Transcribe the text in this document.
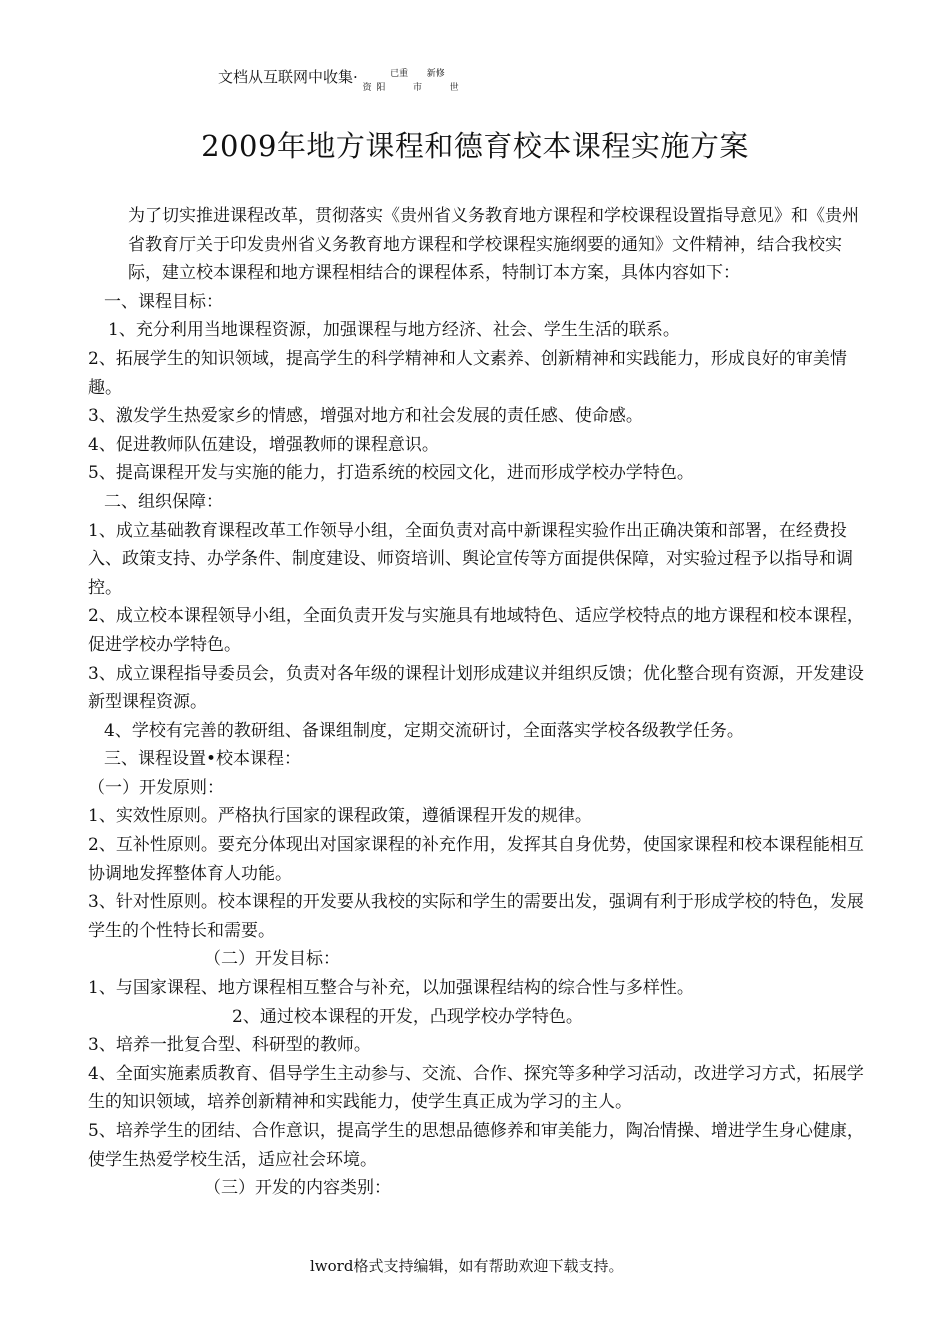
文档从互联网中收集· $_资$ $_阳$ $^{已重}$ $_市$ $^{新修}$ $_世$
2009年地方课程和德育校本课程实施方案

为了切实推进课程改革，贯彻落实《贵州省义务教育地方课程和学校课程设置指导意见》和《贵州省教育厅关于印发贵州省义务教育地方课程和学校课程实施纲要的通知》文件精神，结合我校实际，建立校本课程和地方课程相结合的课程体系，特制订本方案，具体内容如下：

一、课程目标：

1、充分利用当地课程资源，加强课程与地方经济、社会、学生生活的联系。

2、拓展学生的知识领域，提高学生的科学精神和人文素养、创新精神和实践能力，形成良好的审美情趣。

3、激发学生热爱家乡的情感，增强对地方和社会发展的责任感、使命感。

4、促进教师队伍建设，增强教师的课程意识。

5、提高课程开发与实施的能力，打造系统的校园文化，进而形成学校办学特色。

二、组织保障：

1、成立基础教育课程改革工作领导小组，全面负责对高中新课程实验作出正确决策和部署，在经费投入、政策支持、办学条件、制度建设、师资培训、舆论宣传等方面提供保障，对实验过程予以指导和调控。

2、成立校本课程领导小组，全面负责开发与实施具有地域特色、适应学校特点的地方课程和校本课程，促进学校办学特色。

3、成立课程指导委员会，负责对各年级的课程计划形成建议并组织反馈；优化整合现有资源，开发建设新型课程资源。

4、学校有完善的教研组、备课组制度，定期交流研讨，全面落实学校各级教学任务。

三、课程设置•校本课程：

（一）开发原则：

1、实效性原则。严格执行国家的课程政策，遵循课程开发的规律。

2、互补性原则。要充分体现出对国家课程的补充作用，发挥其自身优势，使国家课程和校本课程能相互协调地发挥整体育人功能。

3、针对性原则。校本课程的开发要从我校的实际和学生的需要出发，强调有利于形成学校的特色，发展学生的个性特长和需要。

（二）开发目标：

1、与国家课程、地方课程相互整合与补充，以加强课程结构的综合性与多样性。

2、通过校本课程的开发，凸现学校办学特色。

3、培养一批复合型、科研型的教师。

4、全面实施素质教育、倡导学生主动参与、交流、合作、探究等多种学习活动，改进学习方式，拓展学生的知识领域，培养创新精神和实践能力，使学生真正成为学习的主人。

5、培养学生的团结、合作意识，提高学生的思想品德修养和审美能力，陶冶情操、增进学生身心健康，使学生热爱学校生活，适应社会环境。

（三）开发的内容类别：

lword格式支持编辑，如有帮助欢迎下载支持。
